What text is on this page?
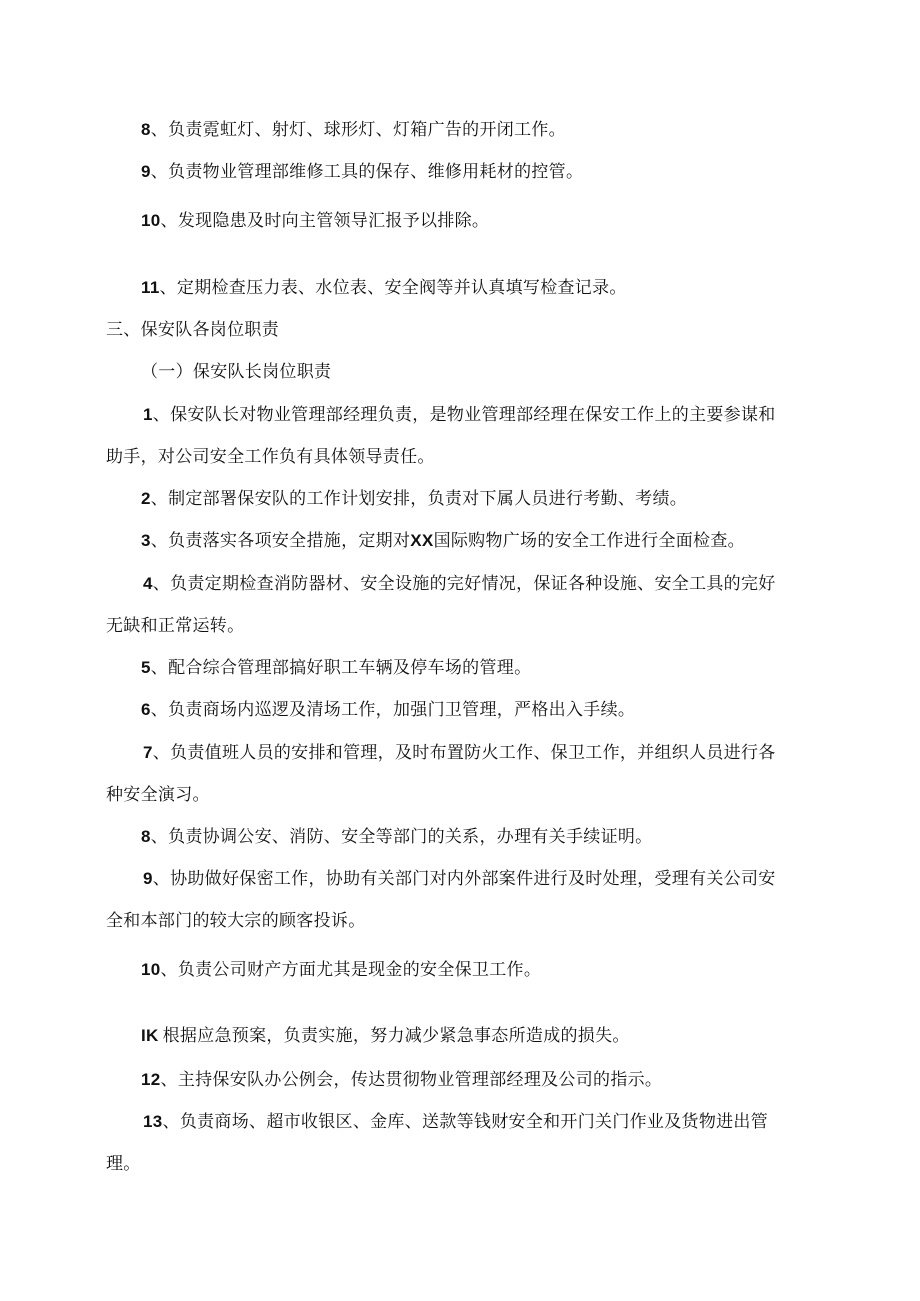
8、负责霓虹灯、射灯、球形灯、灯箱广告的开闭工作。
9、负责物业管理部维修工具的保存、维修用耗材的控管。
10、发现隐患及时向主管领导汇报予以排除。
11、定期检查压力表、水位表、安全阀等并认真填写检查记录。
三、保安队各岗位职责
（一）保安队长岗位职责
1、保安队长对物业管理部经理负责，是物业管理部经理在保安工作上的主要参谋和
助手，对公司安全工作负有具体领导责任。
2、制定部署保安队的工作计划安排，负责对下属人员进行考勤、考绩。
3、负责落实各项安全措施，定期对XX国际购物广场的安全工作进行全面检查。
4、负责定期检查消防器材、安全设施的完好情况，保证各种设施、安全工具的完好
无缺和正常运转。
5、配合综合管理部搞好职工车辆及停车场的管理。
6、负责商场内巡逻及清场工作，加强门卫管理，严格出入手续。
7、负责值班人员的安排和管理，及时布置防火工作、保卫工作，并组织人员进行各
种安全演习。
8、负责协调公安、消防、安全等部门的关系，办理有关手续证明。
9、协助做好保密工作，协助有关部门对内外部案件进行及时处理，受理有关公司安
全和本部门的较大宗的顾客投诉。
10、负责公司财产方面尤其是现金的安全保卫工作。
IK 根据应急预案，负责实施，努力减少紧急事态所造成的损失。
12、主持保安队办公例会，传达贯彻物业管理部经理及公司的指示。
13、负责商场、超市收银区、金库、送款等钱财安全和开门关门作业及货物进出管
理。
